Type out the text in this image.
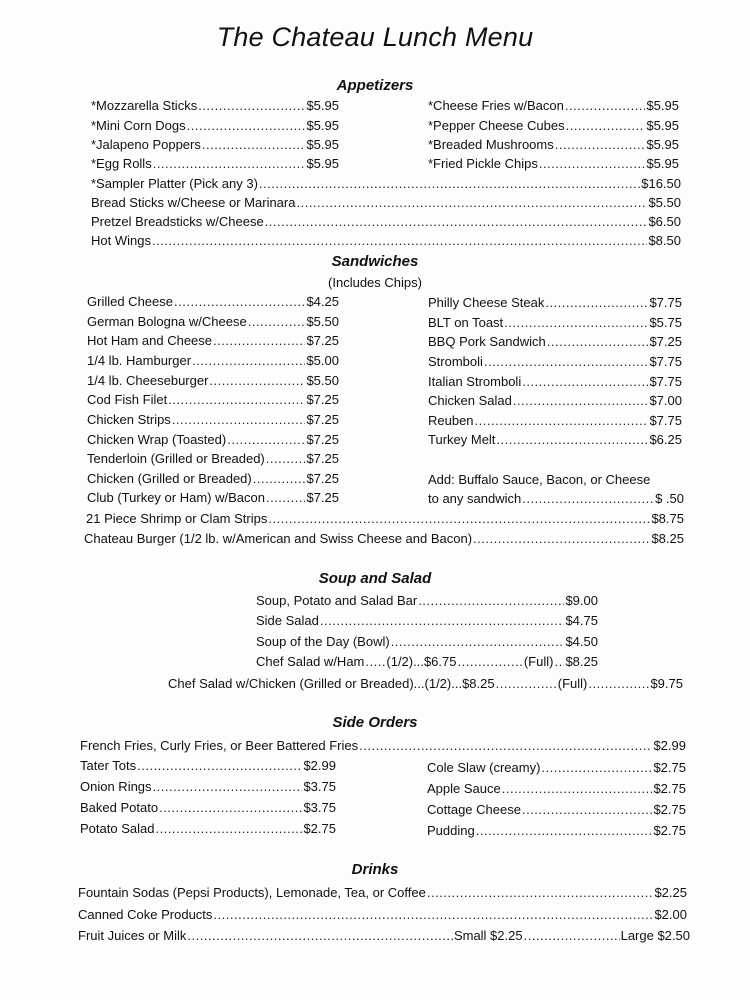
The Chateau Lunch Menu
Appetizers
*Mozzarella Sticks .....	$5.95
*Mini Corn Dogs .....	$5.95
*Jalapeno Poppers .....	$5.95
*Egg Rolls .....	$5.95
*Cheese Fries w/Bacon .....	$5.95
*Pepper Cheese Cubes .....	$5.95
*Breaded Mushrooms .....	$5.95
*Fried Pickle Chips .....	$5.95
*Sampler Platter (Pick any 3) .....	$16.50
Bread Sticks w/Cheese or Marinara .....	$5.50
Pretzel Breadsticks w/Cheese .....	$6.50
Hot Wings .....	$8.50
Sandwiches
(Includes Chips)
Grilled Cheese .....	$4.25
German Bologna w/Cheese .....	$5.50
Hot Ham and Cheese .....	$7.25
1/4 lb. Hamburger .....	$5.00
1/4 lb. Cheeseburger .....	$5.50
Cod Fish Filet .....	$7.25
Chicken Strips .....	$7.25
Chicken Wrap (Toasted) .....	$7.25
Tenderloin (Grilled or Breaded) .....	$7.25
Chicken (Grilled or Breaded) .....	$7.25
Club (Turkey or Ham) w/Bacon .....	$7.25
Philly Cheese Steak .....	$7.75
BLT on Toast .....	$5.75
BBQ Pork Sandwich .....	$7.25
Stromboli .....	$7.75
Italian Stromboli .....	$7.75
Chicken Salad .....	$7.00
Reuben .....	$7.75
Turkey Melt .....	$6.25
Add: Buffalo Sauce, Bacon, or Cheese
to any sandwich .....	$ .50
21 Piece Shrimp or Clam Strips .....	$8.75
Chateau Burger (1/2 lb. w/American and Swiss Cheese and Bacon) .....	$8.25
Soup and Salad
Soup, Potato and Salad Bar .....	$9.00
Side Salad .....	$4.75
Soup of the Day (Bowl) .....	$4.50
Chef Salad w/Ham ..... (1/2)...$6.75 .....	(Full) ..... $8.25
Chef Salad w/Chicken (Grilled or Breaded)... (1/2)...$8.25 .....	(Full) .....	$9.75
Side Orders
French Fries, Curly Fries, or Beer Battered Fries .....	$2.99
Tater Tots .....	$2.99
Onion Rings .....	$3.75
Baked Potato .....	$3.75
Potato Salad .....	$2.75
Cole Slaw (creamy) .....	$2.75
Apple Sauce .....	$2.75
Cottage Cheese .....	$2.75
Pudding .....	$2.75
Drinks
Fountain Sodas (Pepsi Products), Lemonade, Tea, or Coffee .....	$2.25
Canned Coke Products .....	$2.00
Fruit Juices or Milk .....	Small $2.25 .....	Large $2.50
